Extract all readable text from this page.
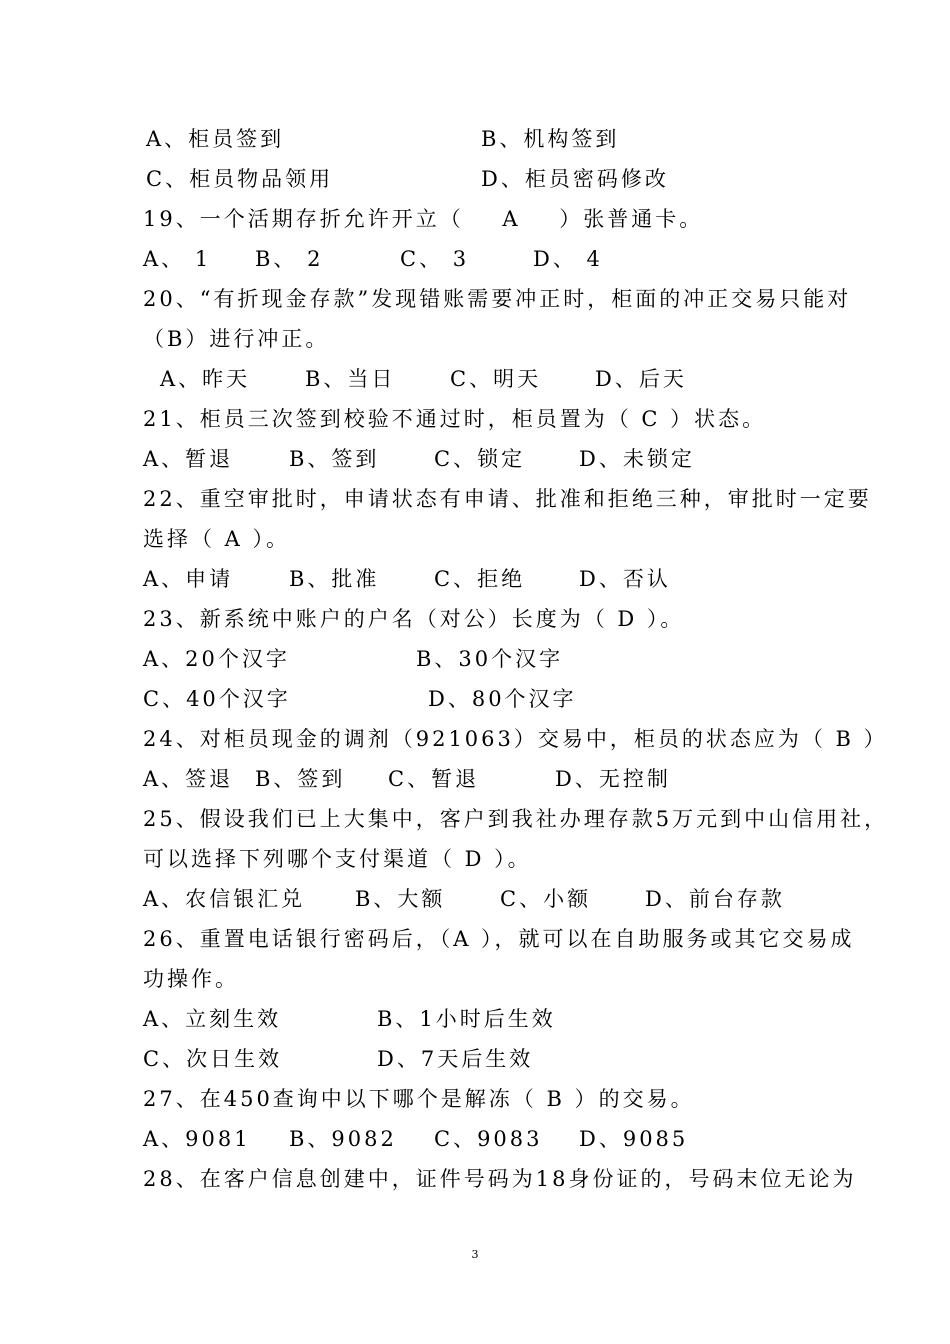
A、柜员签到

	B、机构签到

C、柜员物品领用

	D、柜员密码修改

19、一个活期存折允许开立（    A    ）张普通卡。

A、 1

B、 2

	C、 3

	D、 4

20、“有折现金存款”发现错账需要冲正时，柜面的冲正交易只能对

（B）进行冲正。

A、昨天

	B、当日

	C、明天

	D、后天

21、柜员三次签到校验不通过时，柜员置为（ C ）状态。

A、暂退

	B、签到

	C、锁定

	D、未锁定

22、重空审批时，申请状态有申请、批准和拒绝三种，审批时一定要

选择（ A ）。

A、申请

	B、批准

	C、拒绝

	D、否认

23、新系统中账户的户名（对公）长度为（ D ）。

A、20个汉字

	B、30个汉字

C、40个汉字

	D、80个汉字

24、对柜员现金的调剂（921063）交易中，柜员的状态应为（ B ）

A、签退

B、签到

C、暂退

	D、无控制

25、假设我们已上大集中，客户到我社办理存款5万元到中山信用社，

可以选择下列哪个支付渠道（ D ）。

A、农信银汇兑

B、大额

	C、小额

	D、前台存款

26、重置电话银行密码后，（A ），就可以在自助服务或其它交易成

功操作。

A、立刻生效

	B、1小时后生效

C、次日生效

	D、7天后生效

27、在450查询中以下哪个是解冻（ B ）的交易。

A、9081

B、9082

C、9083

D、9085

28、在客户信息创建中，证件号码为18身份证的，号码末位无论为

3
